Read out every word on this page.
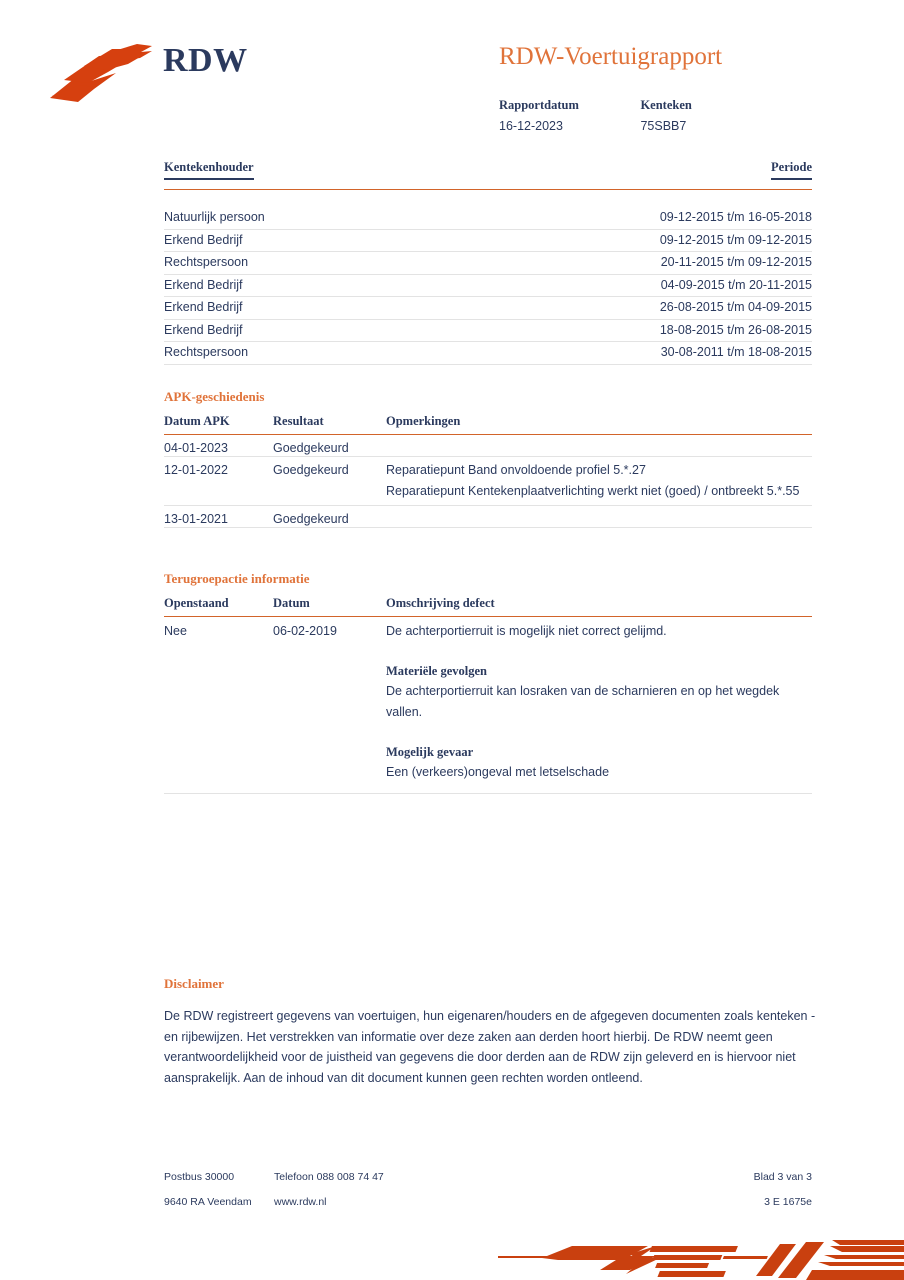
RDW	RDW-Voertuigrapport
Rapportdatum
16-12-2023

Kenteken
75SBB7
Kentekenhouder	Periode
Natuurlijk persoon	09-12-2015 t/m 16-05-2018
Erkend Bedrijf	09-12-2015 t/m 09-12-2015
Rechtspersoon	20-11-2015 t/m 09-12-2015
Erkend Bedrijf	04-09-2015 t/m 20-11-2015
Erkend Bedrijf	26-08-2015 t/m 04-09-2015
Erkend Bedrijf	18-08-2015 t/m 26-08-2015
Rechtspersoon	30-08-2011 t/m 18-08-2015
APK-geschiedenis
Datum APK	Resultaat	Opmerkingen
04-01-2023	Goedgekeurd
12-01-2022	Goedgekeurd	Reparatiepunt Band onvoldoende profiel 5.*.27
Reparatiepunt Kentekenplaatverlichting werkt niet (goed) / ontbreekt 5.*.55
13-01-2021	Goedgekeurd
Terugroepactie informatie
Openstaand	Datum	Omschrijving defect
Nee	06-02-2019	De achterportierruit is mogelijk niet correct gelijmd.

Materiële gevolgen

De achterportierruit kan losraken van de scharnieren en op het wegdek vallen.

Mogelijk gevaar

Een (verkeers)ongeval met letselschade

Disclaimer
De RDW registreert gegevens van voertuigen, hun eigenaren/houders en de afgegeven documenten zoals kenteken - en rijbewijzen. Het verstrekken van informatie over deze zaken aan derden hoort hierbij. De RDW neemt geen verantwoordelijkheid voor de juistheid van gegevens die door derden aan de RDW zijn geleverd en is hiervoor niet aansprakelijk. Aan de inhoud van dit document kunnen geen rechten worden ontleend.
Postbus 30000	Telefoon 088 008 74 47	Blad 3 van 3
9640 RA Veendam www.rdw.nl	3 E 1675e
